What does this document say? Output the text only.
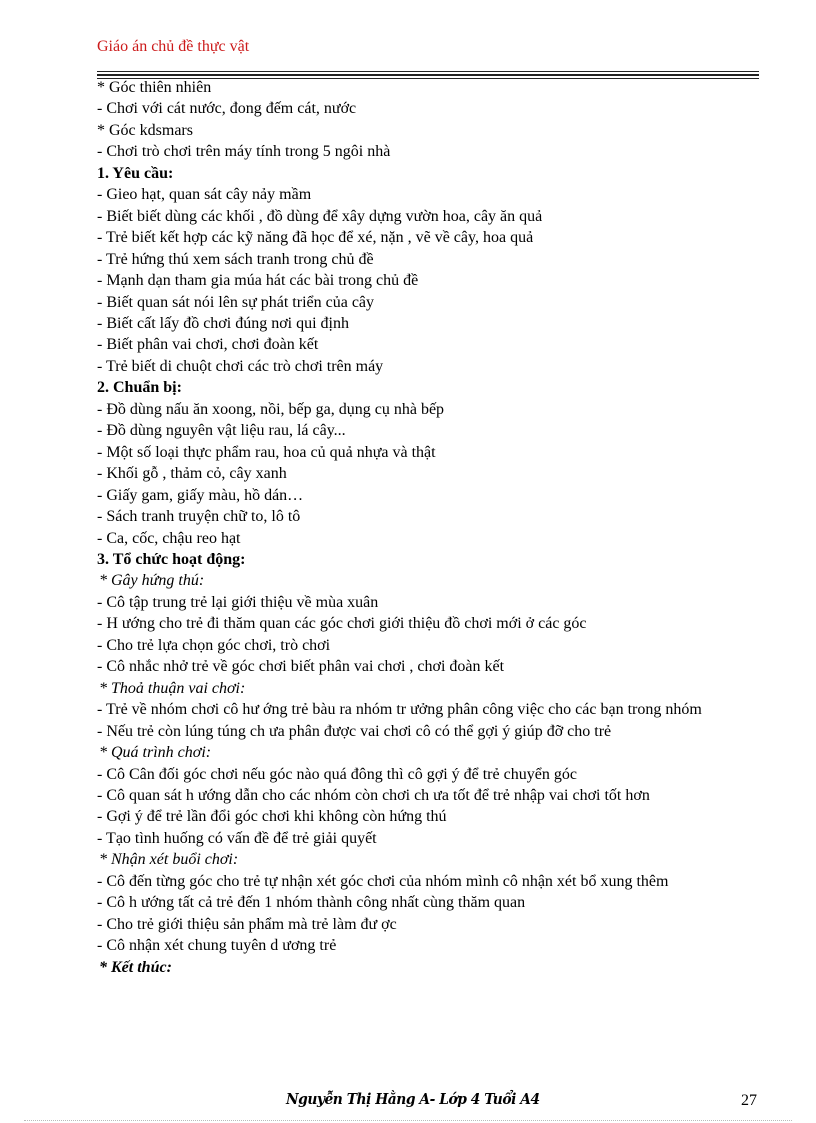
Giáo án chủ đề thực vật
* Góc thiên nhiên
- Chơi với cát nước, đong đếm cát, nước
* Góc kdsmars
- Chơi trò chơi trên máy tính trong 5 ngôi nhà
1. Yêu cầu:
- Gieo hạt, quan sát cây nảy mầm
- Biết biết dùng các khối , đồ dùng để xây dựng vườn hoa, cây ăn quả
- Trẻ biết kết hợp các kỹ năng đã học để xé, nặn , vẽ về cây, hoa quả
- Trẻ hứng thú xem sách tranh trong chủ đề
- Mạnh dạn tham gia múa hát các bài trong chủ đề
- Biết quan sát nói lên sự phát triển của cây
- Biết cất lấy đồ chơi đúng nơi qui định
- Biết phân vai chơi, chơi đoàn kết
- Trẻ biết di chuột chơi các trò chơi trên máy
2. Chuẩn bị:
- Đồ dùng nấu ăn xoong, nồi, bếp ga, dụng cụ nhà bếp
- Đồ dùng nguyên vật liệu rau, lá cây...
- Một số loại thực phẩm rau, hoa củ quả nhựa và thật
- Khối gỗ , thảm cỏ, cây xanh
- Giấy gam, giấy màu, hồ dán…
- Sách tranh truyện chữ to, lô tô
- Ca, cốc, chậu reo hạt
3. Tổ chức hoạt động:
* Gây hứng thú:
- Cô tập trung trẻ lại giới thiệu về mùa xuân
- H ướng cho trẻ đi thăm quan các góc chơi giới thiệu đồ chơi mới ở các góc
- Cho trẻ lựa chọn góc chơi, trò chơi
- Cô nhắc nhở trẻ về góc chơi biết phân vai chơi , chơi đoàn kết
* Thoả thuận vai chơi:
- Trẻ về nhóm chơi cô hư ớng trẻ bàu ra nhóm tr ưởng phân công việc cho các bạn trong nhóm
- Nếu trẻ còn lúng túng ch ưa phân được vai chơi cô có thể gợi ý giúp đỡ cho trẻ
* Quá trình chơi:
- Cô Cân đối góc chơi nếu góc nào quá đông thì cô gợi ý để trẻ chuyển góc
- Cô quan sát h ướng dẫn cho các nhóm còn chơi ch ưa tốt để trẻ nhập vai chơi tốt hơn
- Gợi ý để trẻ lần đổi góc chơi khi không còn hứng thú
- Tạo tình huống có vấn đề để trẻ giải quyết
* Nhận xét buổi chơi:
- Cô đến từng góc cho trẻ tự nhận xét góc chơi của nhóm mình cô nhận xét bổ xung thêm
- Cô h ướng tất cả trẻ đến 1 nhóm thành công nhất cùng thăm quan
- Cho trẻ giới thiệu sản phẩm mà trẻ làm đư ợc
- Cô nhận xét chung tuyên d ương trẻ
* Kết thúc:
Nguyễn Thị Hằng A- Lớp 4 Tuổi A4	27
